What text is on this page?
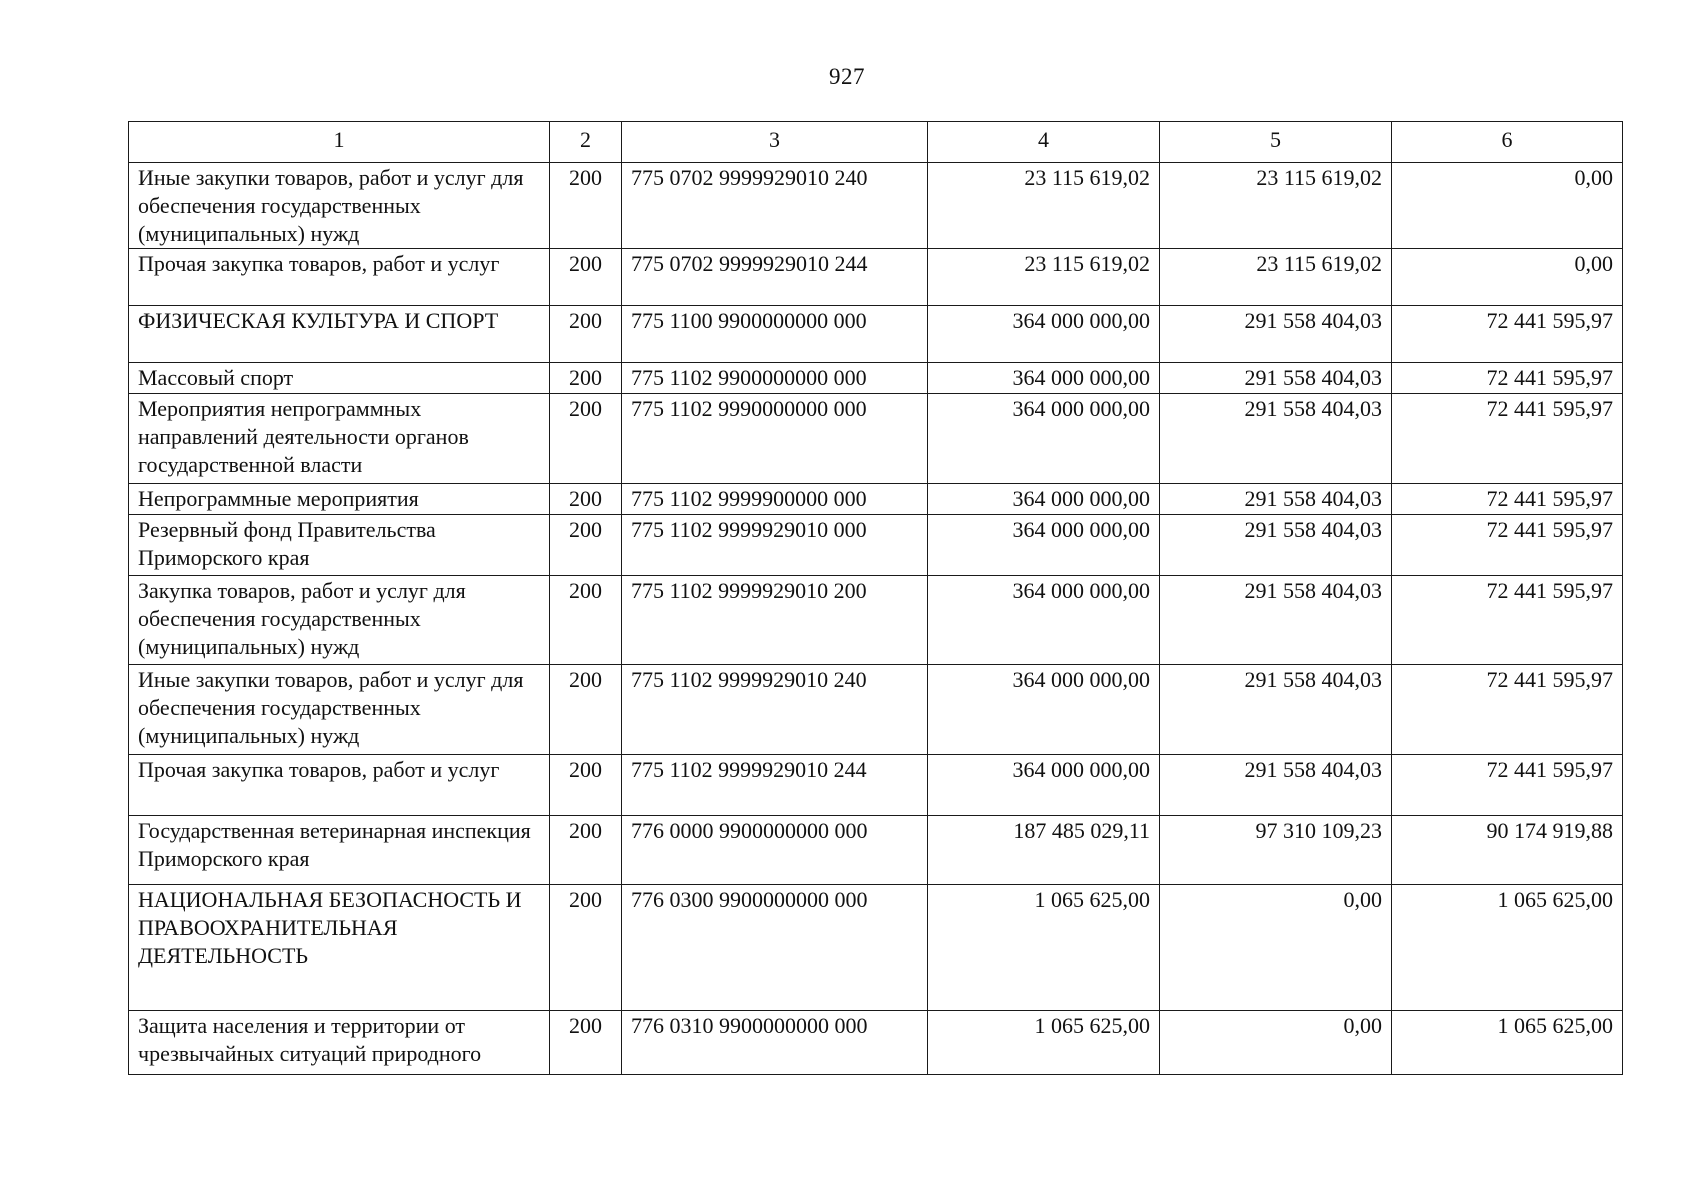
927
1	2	3	4	5	6
Иные закупки товаров, работ и услуг для обеспечения государственных (муниципальных) нужд	200	775 0702 9999929010 240	23 115 619,02	23 115 619,02	0,00
Прочая закупка товаров, работ и услуг	200	775 0702 9999929010 244	23 115 619,02	23 115 619,02	0,00
ФИЗИЧЕСКАЯ КУЛЬТУРА И СПОРТ	200	775 1100 9900000000 000	364 000 000,00	291 558 404,03	72 441 595,97
Массовый спорт	200	775 1102 9900000000 000	364 000 000,00	291 558 404,03	72 441 595,97
Мероприятия непрограммных направлений деятельности органов государственной власти	200	775 1102 9990000000 000	364 000 000,00	291 558 404,03	72 441 595,97
Непрограммные мероприятия	200	775 1102 9999900000 000	364 000 000,00	291 558 404,03	72 441 595,97
Резервный фонд Правительства Приморского края	200	775 1102 9999929010 000	364 000 000,00	291 558 404,03	72 441 595,97
Закупка товаров, работ и услуг для обеспечения государственных (муниципальных) нужд	200	775 1102 9999929010 200	364 000 000,00	291 558 404,03	72 441 595,97
Иные закупки товаров, работ и услуг для обеспечения государственных (муниципальных) нужд	200	775 1102 9999929010 240	364 000 000,00	291 558 404,03	72 441 595,97
Прочая закупка товаров, работ и услуг	200	775 1102 9999929010 244	364 000 000,00	291 558 404,03	72 441 595,97
Государственная ветеринарная инспекция Приморского края	200	776 0000 9900000000 000	187 485 029,11	97 310 109,23	90 174 919,88
НАЦИОНАЛЬНАЯ БЕЗОПАСНОСТЬ И ПРАВООХРАНИТЕЛЬНАЯ ДЕЯТЕЛЬНОСТЬ	200	776 0300 9900000000 000	1 065 625,00	0,00	1 065 625,00
Защита населения и территории от чрезвычайных ситуаций природного	200	776 0310 9900000000 000	1 065 625,00	0,00	1 065 625,00
